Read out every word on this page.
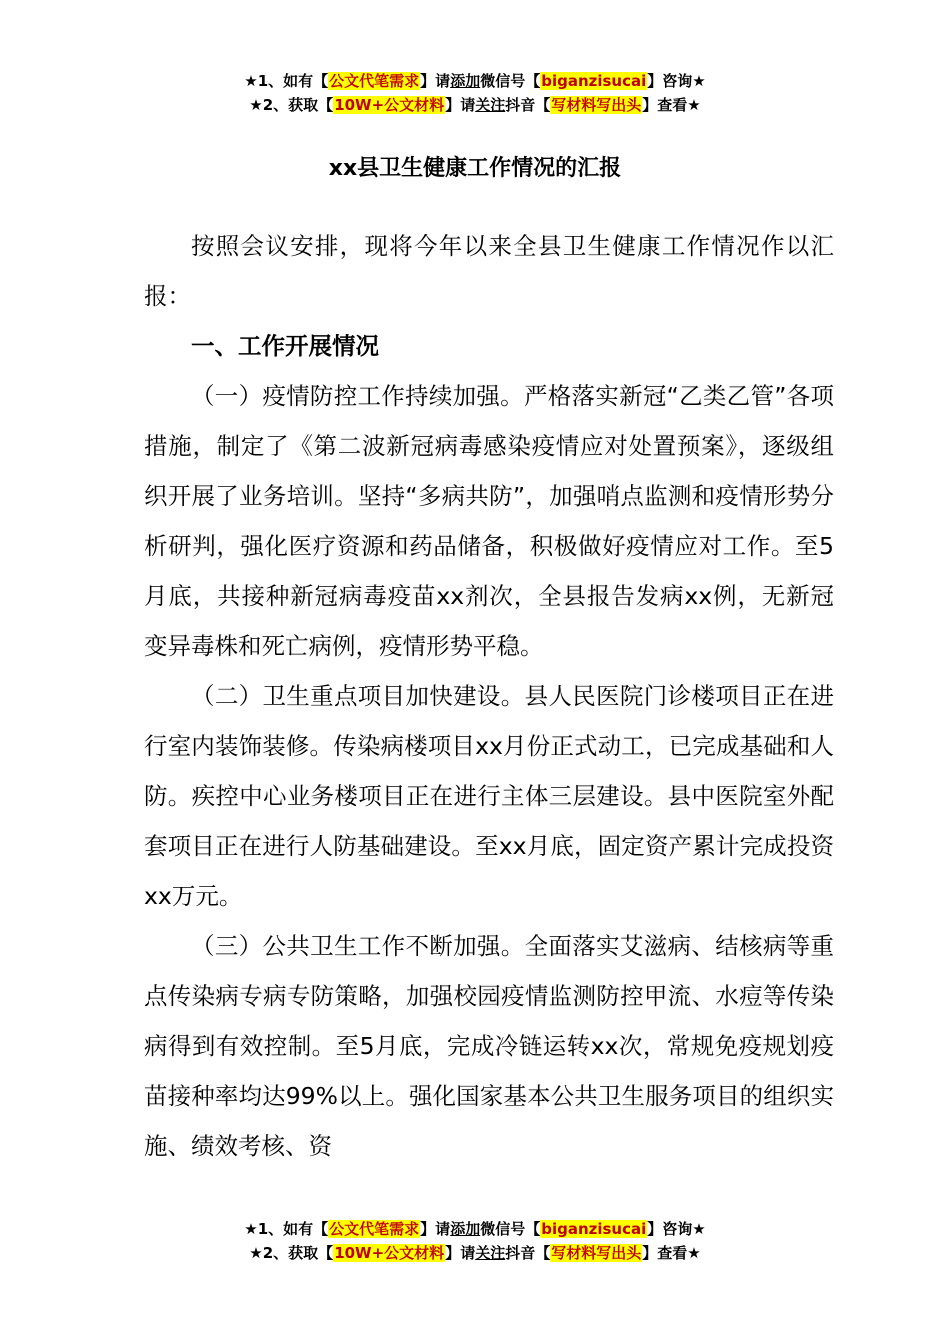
★1、如有【公文代笔需求】请添加微信号【biganzisucai】咨询★
★2、获取【10W+公文材料】请关注抖音【写材料写出头】查看★
xx县卫生健康工作情况的汇报

按照会议安排，现将今年以来全县卫生健康工作情况作以汇报：

一、工作开展情况

（一）疫情防控工作持续加强。严格落实新冠“乙类乙管”各项措施，制定了《第二波新冠病毒感染疫情应对处置预案》，逐级组织开展了业务培训。坚持“多病共防”，加强哨点监测和疫情形势分析研判，强化医疗资源和药品储备，积极做好疫情应对工作。至5月底，共接种新冠病毒疫苗xx剂次，全县报告发病xx例，无新冠变异毒株和死亡病例，疫情形势平稳。

（二）卫生重点项目加快建设。县人民医院门诊楼项目正在进行室内装饰装修。传染病楼项目xx月份正式动工，已完成基础和人防。疾控中心业务楼项目正在进行主体三层建设。县中医院室外配套项目正在进行人防基础建设。至xx月底，固定资产累计完成投资xx万元。

（三）公共卫生工作不断加强。全面落实艾滋病、结核病等重点传染病专病专防策略，加强校园疫情监测防控甲流、水痘等传染病得到有效控制。至5月底，完成冷链运转xx次，常规免疫规划疫苗接种率均达99%以上。强化国家基本公共卫生服务项目的组织实施、绩效考核、资

★1、如有【公文代笔需求】请添加微信号【biganzisucai】咨询★
★2、获取【10W+公文材料】请关注抖音【写材料写出头】查看★
